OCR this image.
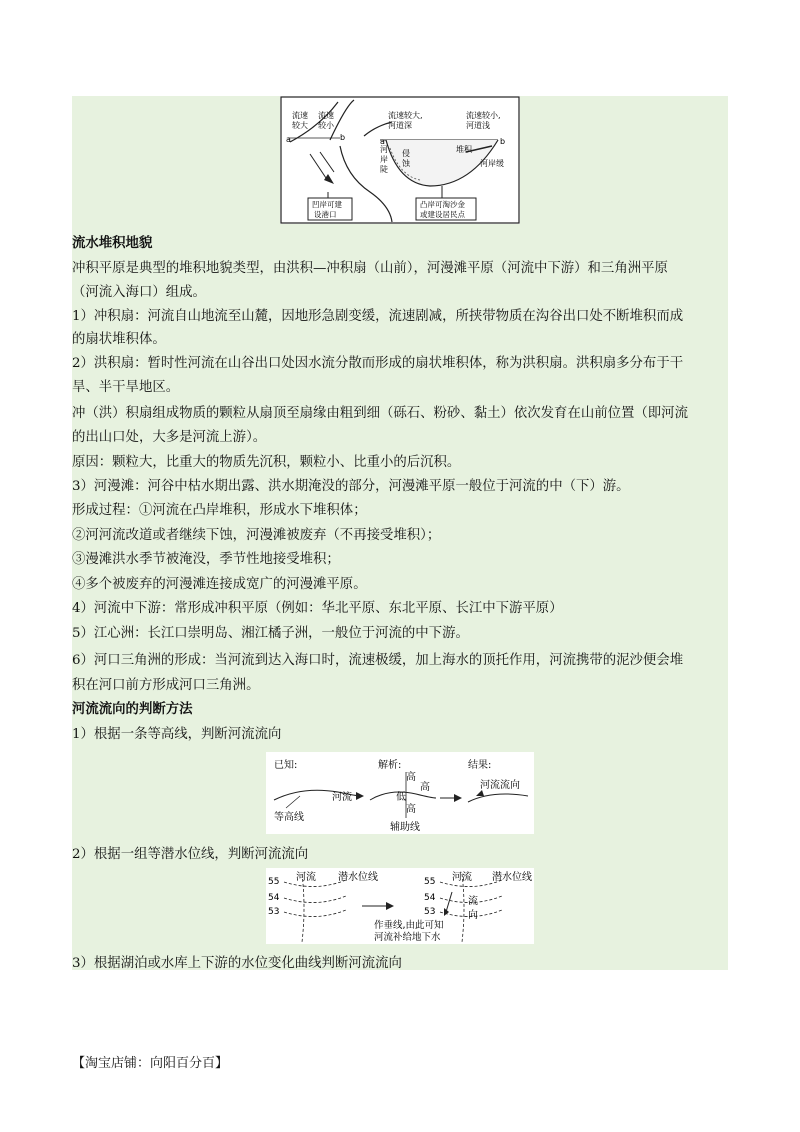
a	b
流速
较大
流速
较小
河
岸
陡
侵
蚀
a	b
流速较大,
河道深
流速较小,
河道浅
堆积
河岸缓
凹岸可建
设港口
凸岸可淘沙金
或建设居民点
流水堆积地貌
冲积平原是典型的堆积地貌类型，由洪积—冲积扇（山前），河漫滩平原（河流中下游）和三角洲平原
（河流入海口）组成。
1）冲积扇：河流自山地流至山麓，因地形急剧变缓，流速剧减，所挟带物质在沟谷出口处不断堆积而成
的扇状堆积体。
2）洪积扇：暂时性河流在山谷出口处因水流分散而形成的扇状堆积体，称为洪积扇。洪积扇多分布于干
旱、半干旱地区。
冲（洪）积扇组成物质的颗粒从扇顶至扇缘由粗到细（砾石、粉砂、黏土）依次发育在山前位置（即河流
的出山口处，大多是河流上游）。
原因：颗粒大，比重大的物质先沉积，颗粒小、比重小的后沉积。
3）河漫滩：河谷中枯水期出露、洪水期淹没的部分，河漫滩平原一般位于河流的中（下）游。
形成过程：①河流在凸岸堆积，形成水下堆积体；
②河河流改道或者继续下蚀，河漫滩被废弃（不再接受堆积）；
③漫滩洪水季节被淹没，季节性地接受堆积；
④多个被废弃的河漫滩连接成宽广的河漫滩平原。
4）河流中下游：常形成冲积平原（例如：华北平原、东北平原、长江中下游平原）
5）江心洲：长江口崇明岛、湘江橘子洲，一般位于河流的中下游。
6）河口三角洲的形成：当河流到达入海口时，流速极缓，加上海水的顶托作用，河流携带的泥沙便会堆
积在河口前方形成河口三角洲。
河流流向的判断方法
1）根据一条等高线，判断河流流向
已知:
河流
等高线
解析:
高
低
高
高
辅助线
结果:
河流流向
2）根据一组等潜水位线，判断河流流向
55
54
53
河流 潜水位线	55
54
53
河流 潜水位线
流
向
作垂线,由此可知
河流补给地下水
3）根据湖泊或水库上下游的水位变化曲线判断河流流向
【淘宝店铺：向阳百分百】
